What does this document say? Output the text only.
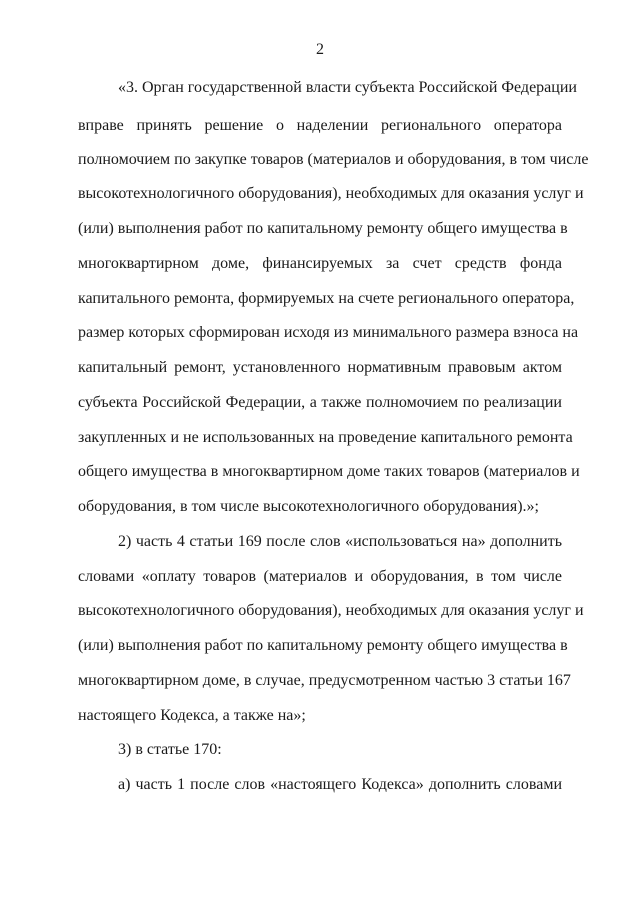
2
«3. Орган государственной власти субъекта Российской Федерации
вправе принять решение о наделении регионального оператора
полномочием по закупке товаров (материалов и оборудования, в том числе
высокотехнологичного оборудования), необходимых для оказания услуг и
(или) выполнения работ по капитальному ремонту общего имущества в
многоквартирном доме, финансируемых за счет средств фонда
капитального ремонта, формируемых на счете регионального оператора,
размер которых сформирован исходя из минимального размера взноса на
капитальный ремонт, установленного нормативным правовым актом
субъекта Российской Федерации, а также полномочием по реализации
закупленных и не использованных на проведение капитального ремонта
общего имущества в многоквартирном доме таких товаров (материалов и
оборудования, в том числе высокотехнологичного оборудования).»;
2) часть 4 статьи 169 после слов «использоваться на» дополнить
словами «оплату товаров (материалов и оборудования, в том числе
высокотехнологичного оборудования), необходимых для оказания услуг и
(или) выполнения работ по капитальному ремонту общего имущества в
многоквартирном доме, в случае, предусмотренном частью 3 статьи 167
настоящего Кодекса, а также на»;
3) в статье 170:
а) часть 1 после слов «настоящего Кодекса» дополнить словами
